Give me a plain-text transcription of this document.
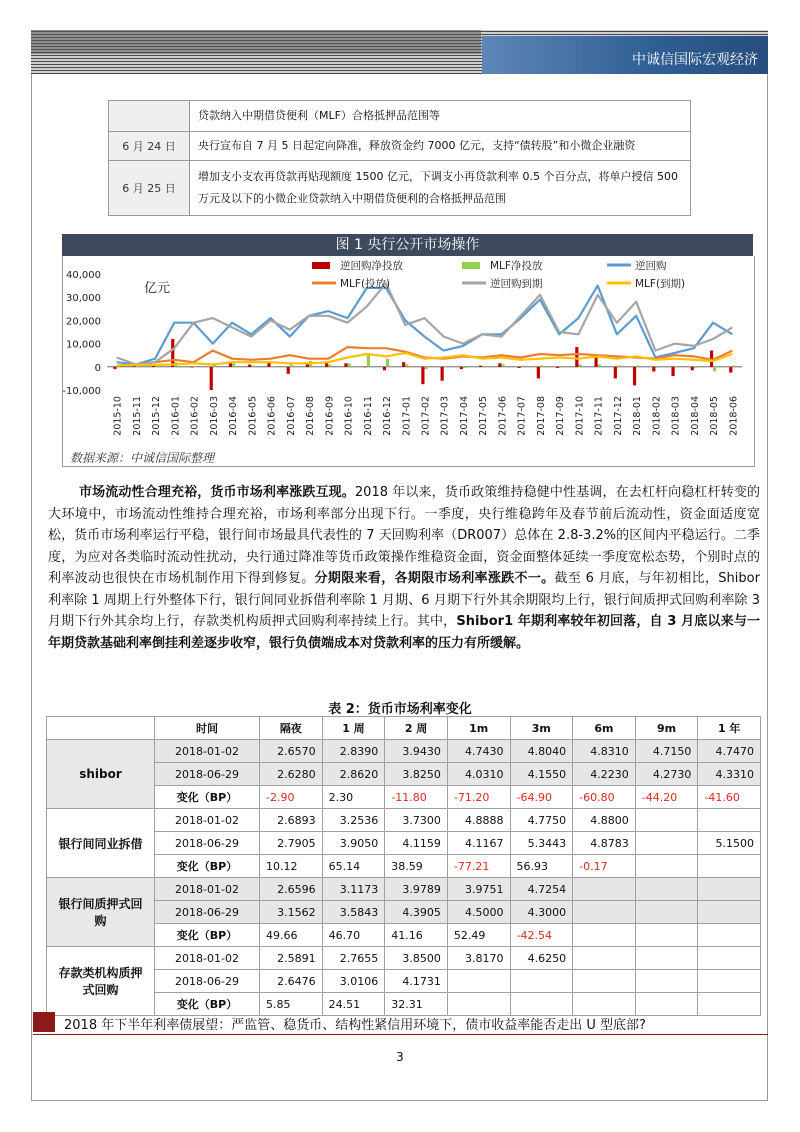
中诚信国际宏观经济
	贷款纳入中期借贷便利（MLF）合格抵押品范围等
6 月 24 日	央行宣布自 7 月 5 日起定向降准，释放资金约 7000 亿元，支持“债转股”和小微企业融资
6 月 25 日	增加支小支农再贷款再贴现额度 1500 亿元，下调支小再贷款利率 0.5 个百分点，将单户授信 500 万元及以下的小微企业贷款纳入中期借贷便利的合格抵押品范围
图 1 央行公开市场操作
40,000
30,000
20,000
10,000
0
-10,000
亿元
2015-10 2015-11 2015-12 2016-01 2016-02 2016-03 2016-04 2016-05 2016-06 2016-07 2016-08 2016-09 2016-10 2016-11 2016-12 2017-01 2017-02 2017-03 2017-04 2017-05 2017-06 2017-07 2017-08 2017-09 2017-10 2017-11 2017-12 2018-01 2018-02 2018-03 2018-04 2018-05 2018-06
逆回购净投放	MLF净投放	逆回购
MLF(投放)	逆回购到期	MLF(到期)
数据来源：中诚信国际整理
市场流动性合理充裕，货币市场利率涨跌互现。2018 年以来，货币政策维持稳健中性基调，在去杠杆向稳杠杆转变的大环境中，市场流动性维持合理充裕，市场利率部分出现下行。一季度，央行维稳跨年及春节前后流动性，资金面适度宽松，货币市场利率运行平稳，银行间市场最具代表性的 7 天回购利率（DR007）总体在 2.8-3.2%的区间内平稳运行。二季度，为应对各类临时流动性扰动，央行通过降准等货币政策操作维稳资金面，资金面整体延续一季度宽松态势，个别时点的利率波动也很快在市场机制作用下得到修复。分期限来看，各期限市场利率涨跌不一。截至 6 月底，与年初相比，Shibor 利率除 1 周期上行外整体下行，银行间同业拆借利率除 1 月期、6 月期下行外其余期限均上行，银行间质押式回购利率除 3 月期下行外其余均上行，存款类机构质押式回购利率持续上行。其中，Shibor1 年期利率较年初回落，自 3 月底以来与一年期贷款基础利率倒挂利差逐步收窄，银行负债端成本对贷款利率的压力有所缓解。
表 2：货币市场利率变化
	时间	隔夜	1 周	2 周	1m	3m	6m	9m	1 年
shibor	2018-01-02	2.6570	2.8390	3.9430	4.7430	4.8040	4.8310	4.7150	4.7470
	2018-06-29	2.6280	2.8620	3.8250	4.0310	4.1550	4.2230	4.2730	4.3310
	变化（BP）	-2.90	2.30	-11.80	-71.20	-64.90	-60.80	-44.20	-41.60
银行间同业拆借	2018-01-02	2.6893	3.2536	3.7300	4.8888	4.7750	4.8800		
	2018-06-29	2.7905	3.9050	4.1159	4.1167	5.3443	4.8783		5.1500
	变化（BP）	10.12	65.14	38.59	-77.21	56.93	-0.17		
银行间质押式回购	2018-01-02	2.6596	3.1173	3.9789	3.9751	4.7254			
	2018-06-29	3.1562	3.5843	4.3905	4.5000	4.3000			
	变化（BP）	49.66	46.70	41.16	52.49	-42.54			
存款类机构质押式回购	2018-01-02	2.5891	2.7655	3.8500	3.8170	4.6250			
	2018-06-29	2.6476	3.0106	4.1731					
	变化（BP）	5.85	24.51	32.31					
2018 年下半年利率债展望：严监管、稳货币、结构性紧信用环境下，债市收益率能否走出 U 型底部?
3
